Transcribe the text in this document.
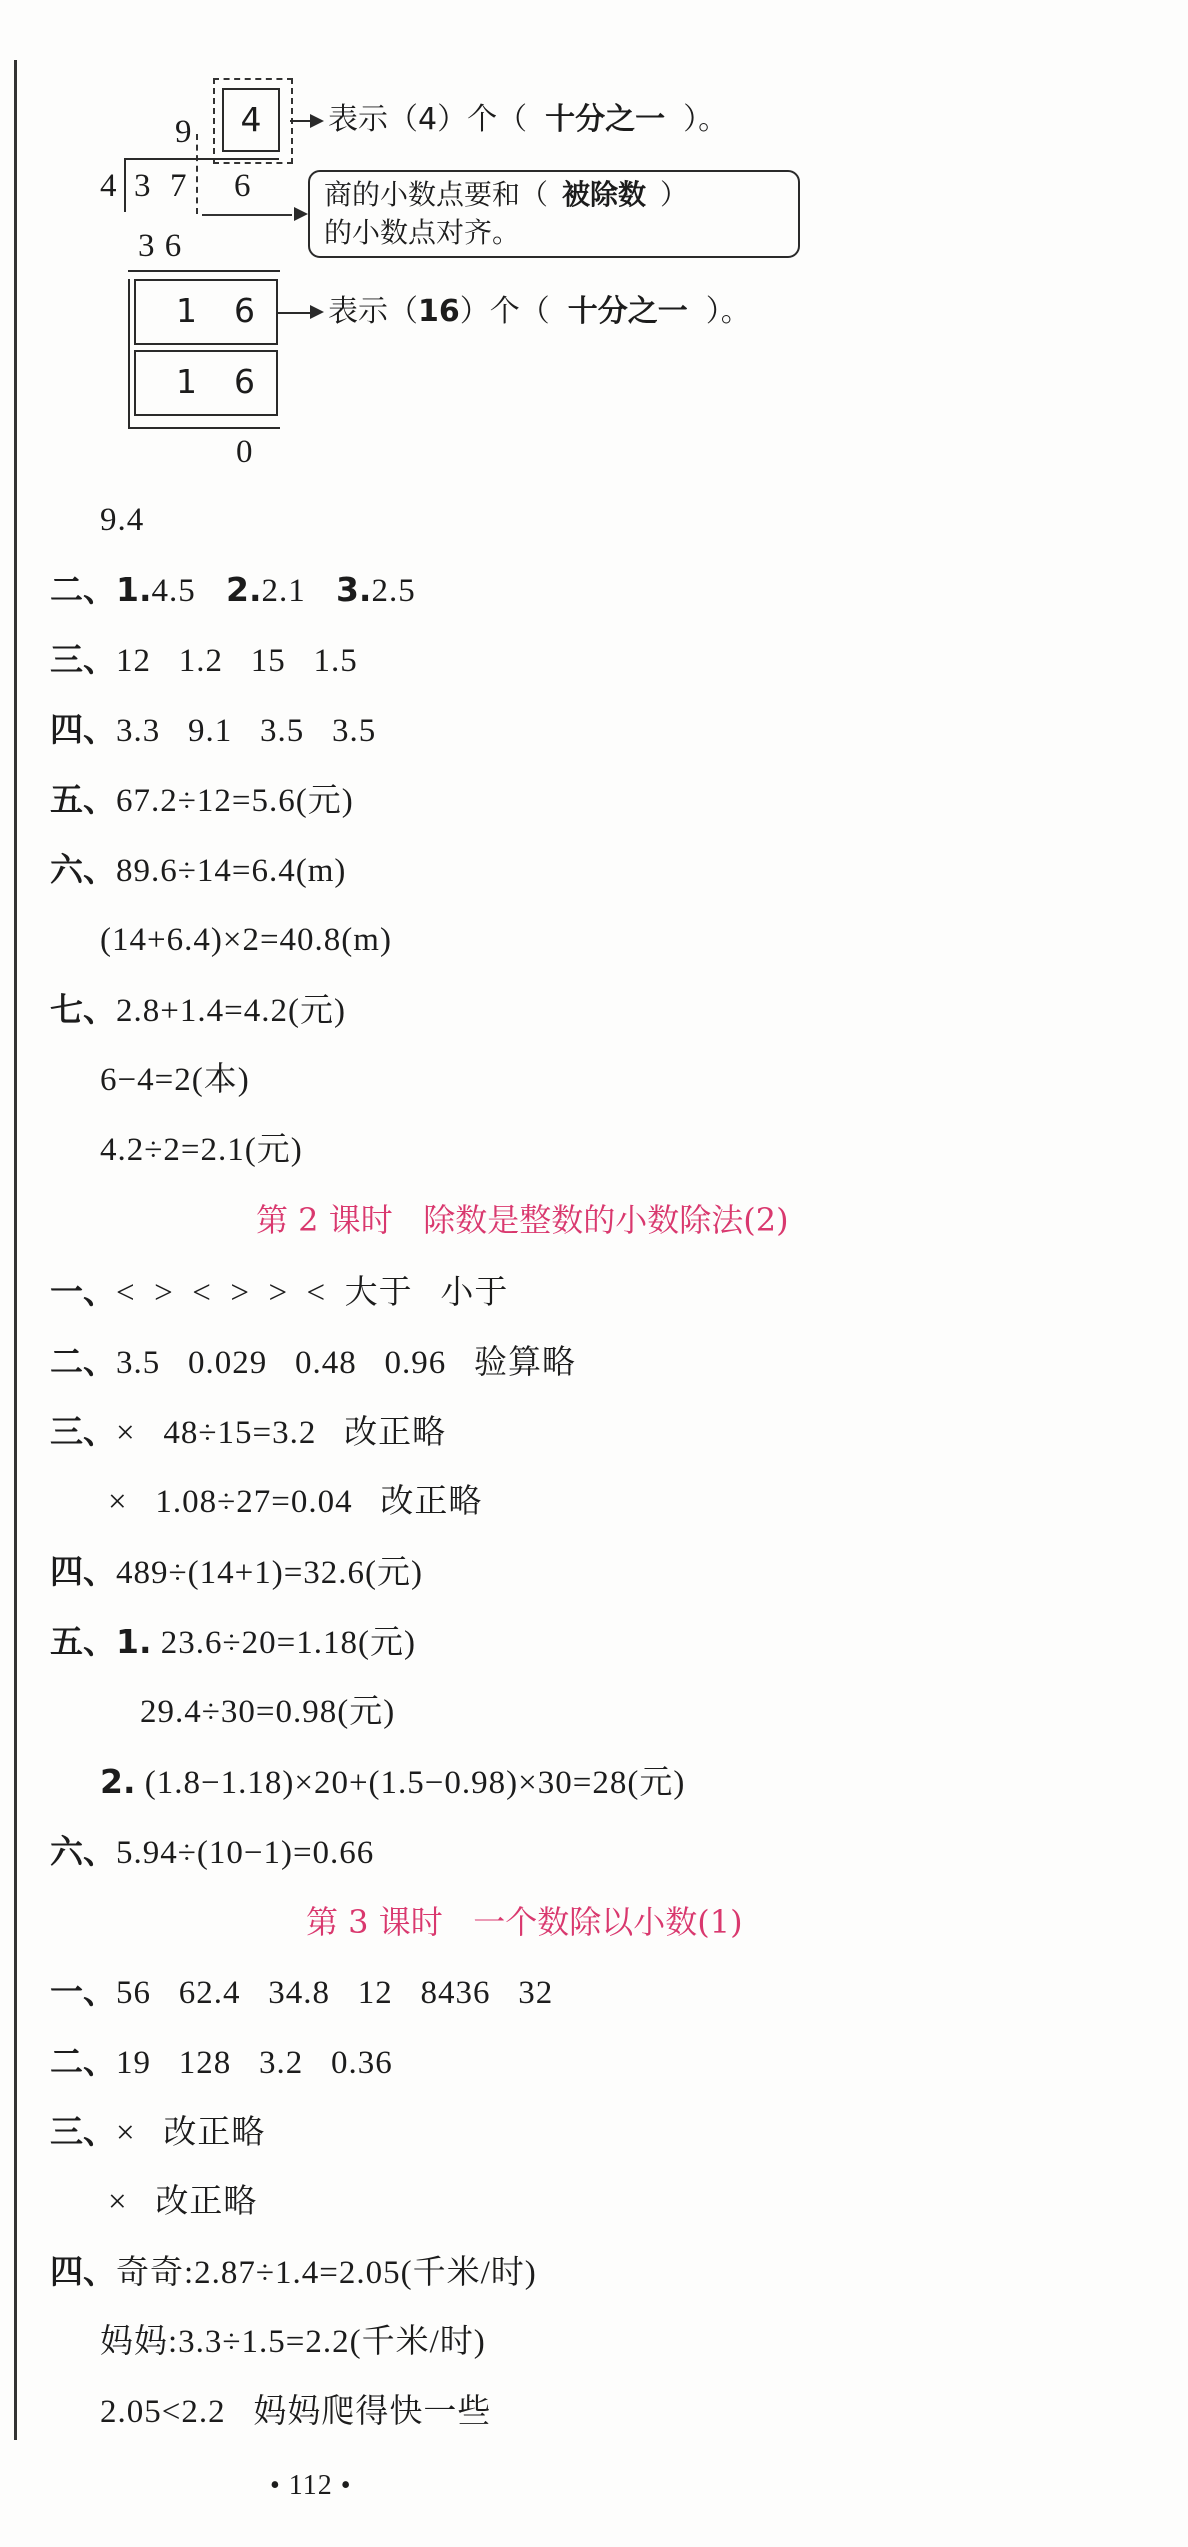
4
9
4 3 7 6
3 6
1 6
1 6
0
表示（4）个（ 十分之一 ）。
商的小数点要和（ 被除数 ）
的小数点对齐。
表示（16）个（ 十分之一 ）。
9.4
二、1.4.5   2.2.1   3.2.5
三、12   1.2   15   1.5
四、3.3   9.1   3.5   3.5
五、67.2÷12=5.6(元)
六、89.6÷14=6.4(m)
(14+6.4)×2=40.8(m)
七、2.8+1.4=4.2(元)
6−4=2(本)
4.2÷2=2.1(元)
第 2 课时   除数是整数的小数除法(2)
一、<  >  <  >  >  <  大于   小于
二、3.5   0.029   0.48   0.96   验算略
三、×   48÷15=3.2   改正略
×   1.08÷27=0.04   改正略
四、489÷(14+1)=32.6(元)
五、1. 23.6÷20=1.18(元)
29.4÷30=0.98(元)
2. (1.8−1.18)×20+(1.5−0.98)×30=28(元)
六、5.94÷(10−1)=0.66
第 3 课时   一个数除以小数(1)
一、56   62.4   34.8   12   8436   32
二、19   128   3.2   0.36
三、×   改正略
×   改正略
四、奇奇:2.87÷1.4=2.05(千米/时)
妈妈:3.3÷1.5=2.2(千米/时)
2.05<2.2   妈妈爬得快一些
• 112 •
